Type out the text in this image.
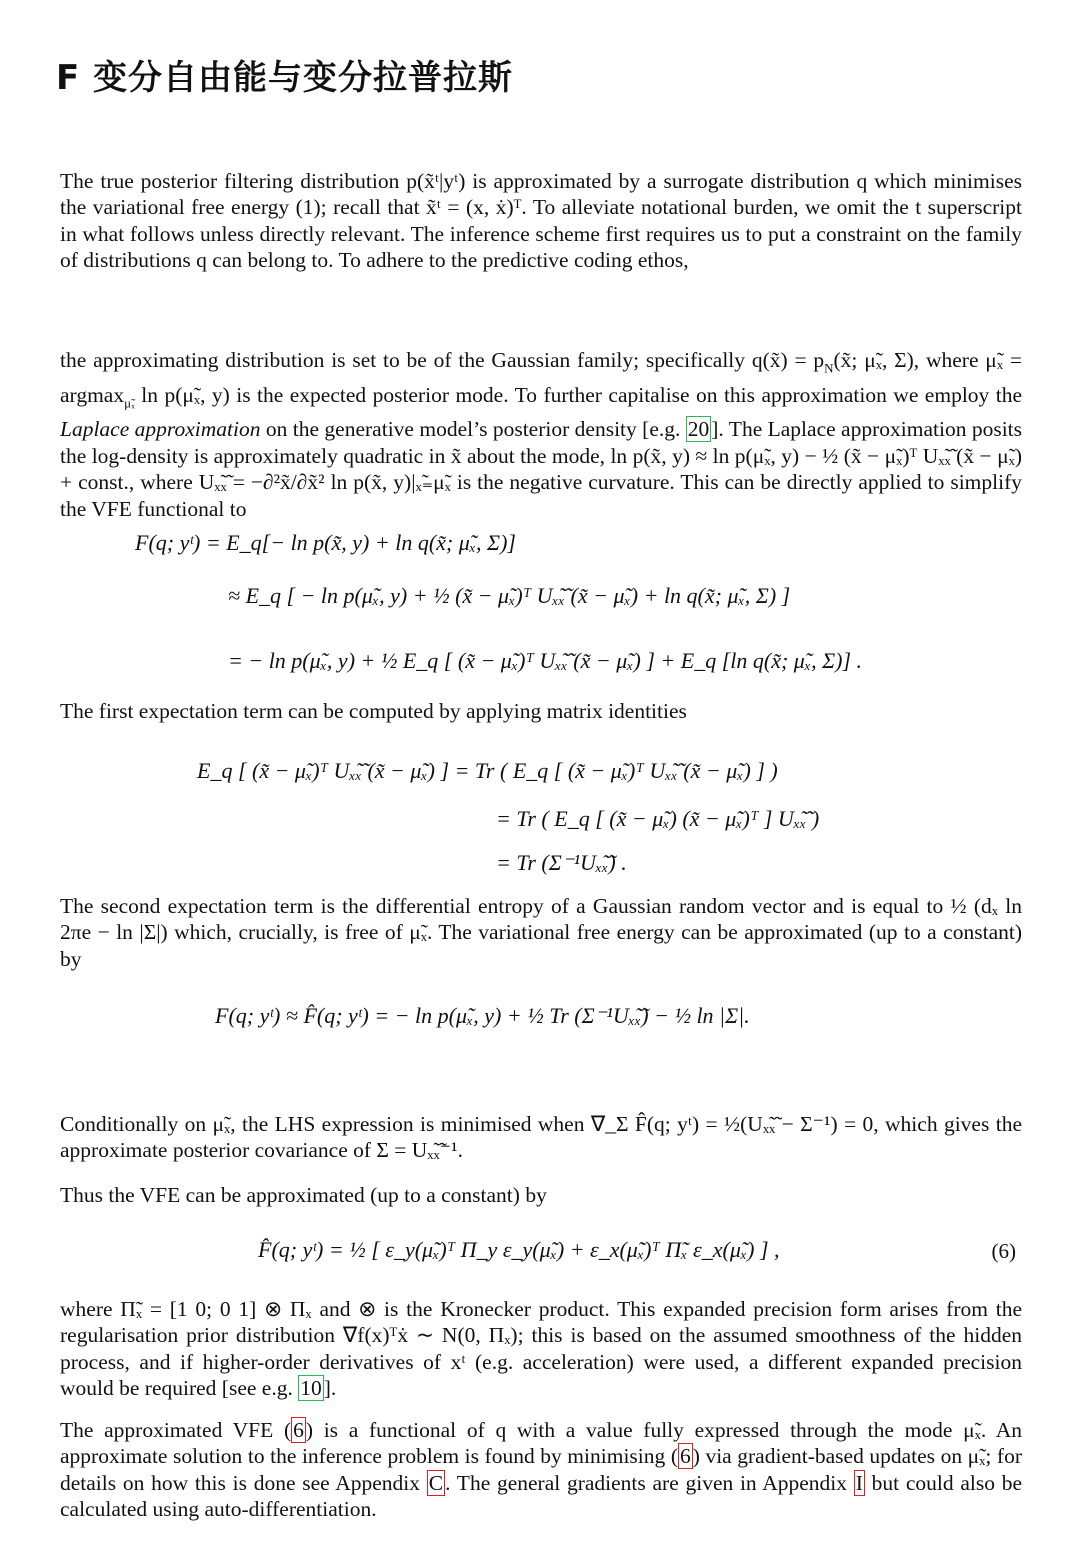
F 变分自由能与变分拉普拉斯

The true posterior filtering distribution p(x̃ᵗ|yᵗ) is approximated by a surrogate distribution q which minimises the variational free energy (1); recall that x̃ᵗ = (x, ẋ)ᵀ. To alleviate notational burden, we omit the t superscript in what follows unless directly relevant. The inference scheme first requires us to put a constraint on the family of distributions q can belong to. To adhere to the predictive coding ethos,

the approximating distribution is set to be of the Gaussian family; specifically q(x̃) = $p_N(x̃$; μ̃ₓ, Σ), where μ̃ₓ = argmax$_{\mũ_x}$ ln p(μ̃ₓ, y) is the expected posterior mode. To further capitalise on this approximation we employ the Laplace approximation on the generative model’s posterior density [e.g. 20]. The Laplace approximation posits the log-density is approximately quadratic in x̃ about the mode, ln p(x̃, y) ≈ ln p(μ̃ₓ, y) − ½ (x̃ − μ̃ₓ)ᵀ Uₓ̃ₓ̃ (x̃ − μ̃ₓ) + const., where Uₓ̃ₓ̃ = −∂²x̃/∂x̃² ln p(x̃, y)|ₓ̃₌μ̃ₓ is the negative curvature. This can be directly applied to simplify the VFE functional to

F(q; yᵗ) = E_q[− ln p(x̃, y) + ln q(x̃; μ̃ₓ, Σ)]
≈ E_q [ − ln p(μ̃ₓ, y) + ½ (x̃ − μ̃ₓ)ᵀ Uₓ̃ₓ̃ (x̃ − μ̃ₓ) + ln q(x̃; μ̃ₓ, Σ) ]
= − ln p(μ̃ₓ, y) + ½ E_q [ (x̃ − μ̃ₓ)ᵀ Uₓ̃ₓ̃ (x̃ − μ̃ₓ) ] + E_q [ln q(x̃; μ̃ₓ, Σ)] .

The first expectation term can be computed by applying matrix identities

E_q [ (x̃ − μ̃ₓ)ᵀ Uₓ̃ₓ̃ (x̃ − μ̃ₓ) ] = Tr ( E_q [ (x̃ − μ̃ₓ)ᵀ Uₓ̃ₓ̃ (x̃ − μ̃ₓ) ] )
= Tr ( E_q [ (x̃ − μ̃ₓ) (x̃ − μ̃ₓ)ᵀ ] Uₓ̃ₓ̃ )
= Tr (Σ⁻¹Uₓ̃ₓ̃) .

The second expectation term is the differential entropy of a Gaussian random vector and is equal to ½ (dₓ ln 2πe − ln |Σ|) which, crucially, is free of μ̃ₓ. The variational free energy can be approximated (up to a constant) by

F(q; yᵗ) ≈ F̂(q; yᵗ) = − ln p(μ̃ₓ, y) + ½ Tr (Σ⁻¹Uₓ̃ₓ̃) − ½ ln |Σ|.

Conditionally on μ̃ₓ, the LHS expression is minimised when ∇_Σ F̂(q; yᵗ) = ½(Uₓ̃ₓ̃ − Σ⁻¹) = 0, which gives the approximate posterior covariance of Σ = Uₓ̃ₓ̃⁻¹.

Thus the VFE can be approximated (up to a constant) by

F̂(q; yᵗ) = ½ [ ε_y(μ̃ₓ)ᵀ Π_y ε_y(μ̃ₓ) + ε_x(μ̃ₓ)ᵀ Π̃ₓ ε_x(μ̃ₓ) ] ,	(6)

where Π̃ₓ = [1 0; 0 1] ⊗ Πₓ and ⊗ is the Kronecker product. This expanded precision form arises from the regularisation prior distribution ∇f(x)ᵀẋ ∼ N(0, Πₓ); this is based on the assumed smoothness of the hidden process, and if higher-order derivatives of xᵗ (e.g. acceleration) were used, a different expanded precision would be required [see e.g. 10].

The approximated VFE (6) is a functional of q with a value fully expressed through the mode μ̃ₓ. An approximate solution to the inference problem is found by minimising (6) via gradient-based updates on μ̃ₓ; for details on how this is done see Appendix C. The general gradients are given in Appendix I but could also be calculated using auto-differentiation.
